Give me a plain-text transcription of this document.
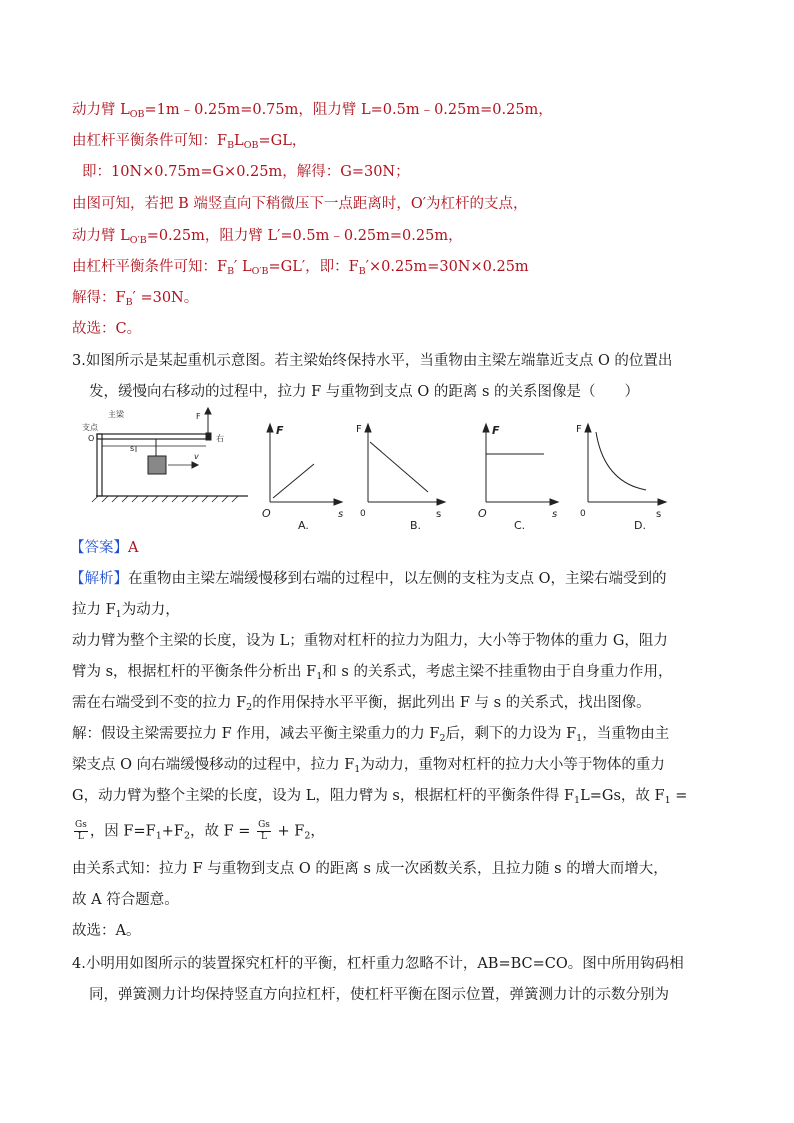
动力臂 $L_{OB}=1m﹣0.25m=0.75m$，阻力臂 L=0.5m﹣0.25m=0.25m，
由杠杆平衡条件可知：$F_BL_{OB}=GL$，
即：10N×0.75m=G×0.25m，解得：G=30N；
由图可知，若把 B 端竖直向下稍微压下一点距离时，O′为杠杆的支点，
动力臂 $L_{O'B}=0.25m$，阻力臂 L′=0.5m﹣0.25m=0.25m，
由杠杆平衡条件可知：$F_B'$ $L_{O'B}=GL'$，即：$F_B'\times 0.25m=30N\times 0.25m$
解得：$F_B' =30N$。
故选：C。
3.如图所示是某起重机示意图。若主梁始终保持水平，当重物由主梁左端靠近支点 O 的位置出
发，缓慢向右移动的过程中，拉力 F 与重物到支点 O 的距离 s 的关系图像是（　　）
支点
O
主梁	F
右
s
v
F
s
O
A.
F
s
0
B.
F
s
O
C.
F
s
0
D.
【答案】A
【解析】在重物由主梁左端缓慢移到右端的过程中，以左侧的支柱为支点 O，主梁右端受到的
拉力 $F_1$为动力，
动力臂为整个主梁的长度，设为 L；重物对杠杆的拉力为阻力，大小等于物体的重力 G，阻力
臂为 s，根据杠杆的平衡条件分析出 $F_1$和 s 的关系式，考虑主梁不挂重物由于自身重力作用，
需在右端受到不变的拉力 $F_2$的作用保持水平平衡，据此列出 F 与 s 的关系式，找出图像。
解：假设主梁需要拉力 F 作用，减去平衡主梁重力的力 $F_2$后，剩下的力设为 $F_1$，当重物由主
梁支点 O 向右端缓慢移动的过程中，拉力 $F_1$为动力，重物对杠杆的拉力大小等于物体的重力
G，动力臂为整个主梁的长度，设为 L，阻力臂为 s，根据杠杆的平衡条件得 $F_1L=Gs$，故 $F_1$ =
$\frac{Gs}{L}$ ，因 $F=F_1+F_2$，故 $F = \frac{Gs}{L} + F_2$，
由关系式知：拉力 F 与重物到支点 O 的距离 s 成一次函数关系，且拉力随 s 的增大而增大，
故 A 符合题意。
故选：A。
4.小明用如图所示的装置探究杠杆的平衡，杠杆重力忽略不计，AB=BC=CO。图中所用钩码相
同，弹簧测力计均保持竖直方向拉杠杆，使杠杆平衡在图示位置，弹簧测力计的示数分别为
